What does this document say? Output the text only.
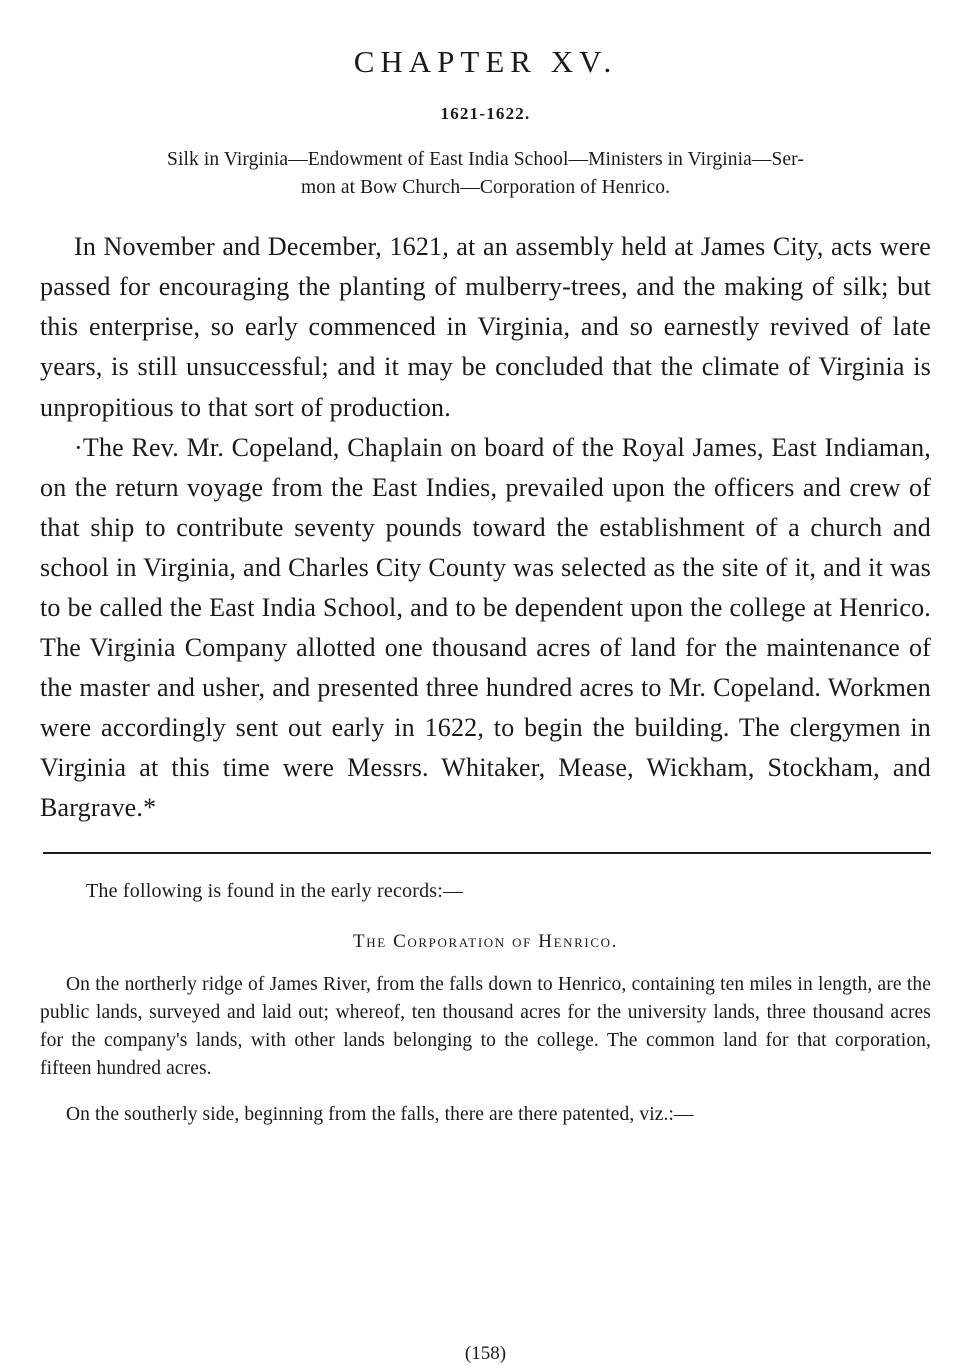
CHAPTER XV.
1621-1622.
Silk in Virginia—Endowment of East India School—Ministers in Virginia—Ser-
mon at Bow Church—Corporation of Henrico.

In November and December, 1621, at an assembly held at James City, acts were passed for encouraging the planting of mulberry-trees, and the making of silk; but this enterprise, so early commenced in Virginia, and so earnestly revived of late years, is still unsuccessful; and it may be concluded that the climate of Virginia is unpropitious to that sort of production.

·The Rev. Mr. Copeland, Chaplain on board of the Royal James, East Indiaman, on the return voyage from the East Indies, prevailed upon the officers and crew of that ship to contribute seventy pounds toward the establishment of a church and school in Virginia, and Charles City County was selected as the site of it, and it was to be called the East India School, and to be dependent upon the college at Henrico. The Virginia Company allotted one thousand acres of land for the maintenance of the master and usher, and presented three hundred acres to Mr. Copeland. Workmen were accordingly sent out early in 1622, to begin the building. The clergymen in Virginia at this time were Messrs. Whitaker, Mease, Wickham, Stockham, and Bargrave.*

The following is found in the early records:—
The Corporation of Henrico.

On the northerly ridge of James River, from the falls down to Henrico, containing ten miles in length, are the public lands, surveyed and laid out; whereof, ten thousand acres for the university lands, three thousand acres for the company's lands, with other lands belonging to the college. The common land for that corporation, fifteen hundred acres.

On the southerly side, beginning from the falls, there are there patented, viz.:—

(158)
